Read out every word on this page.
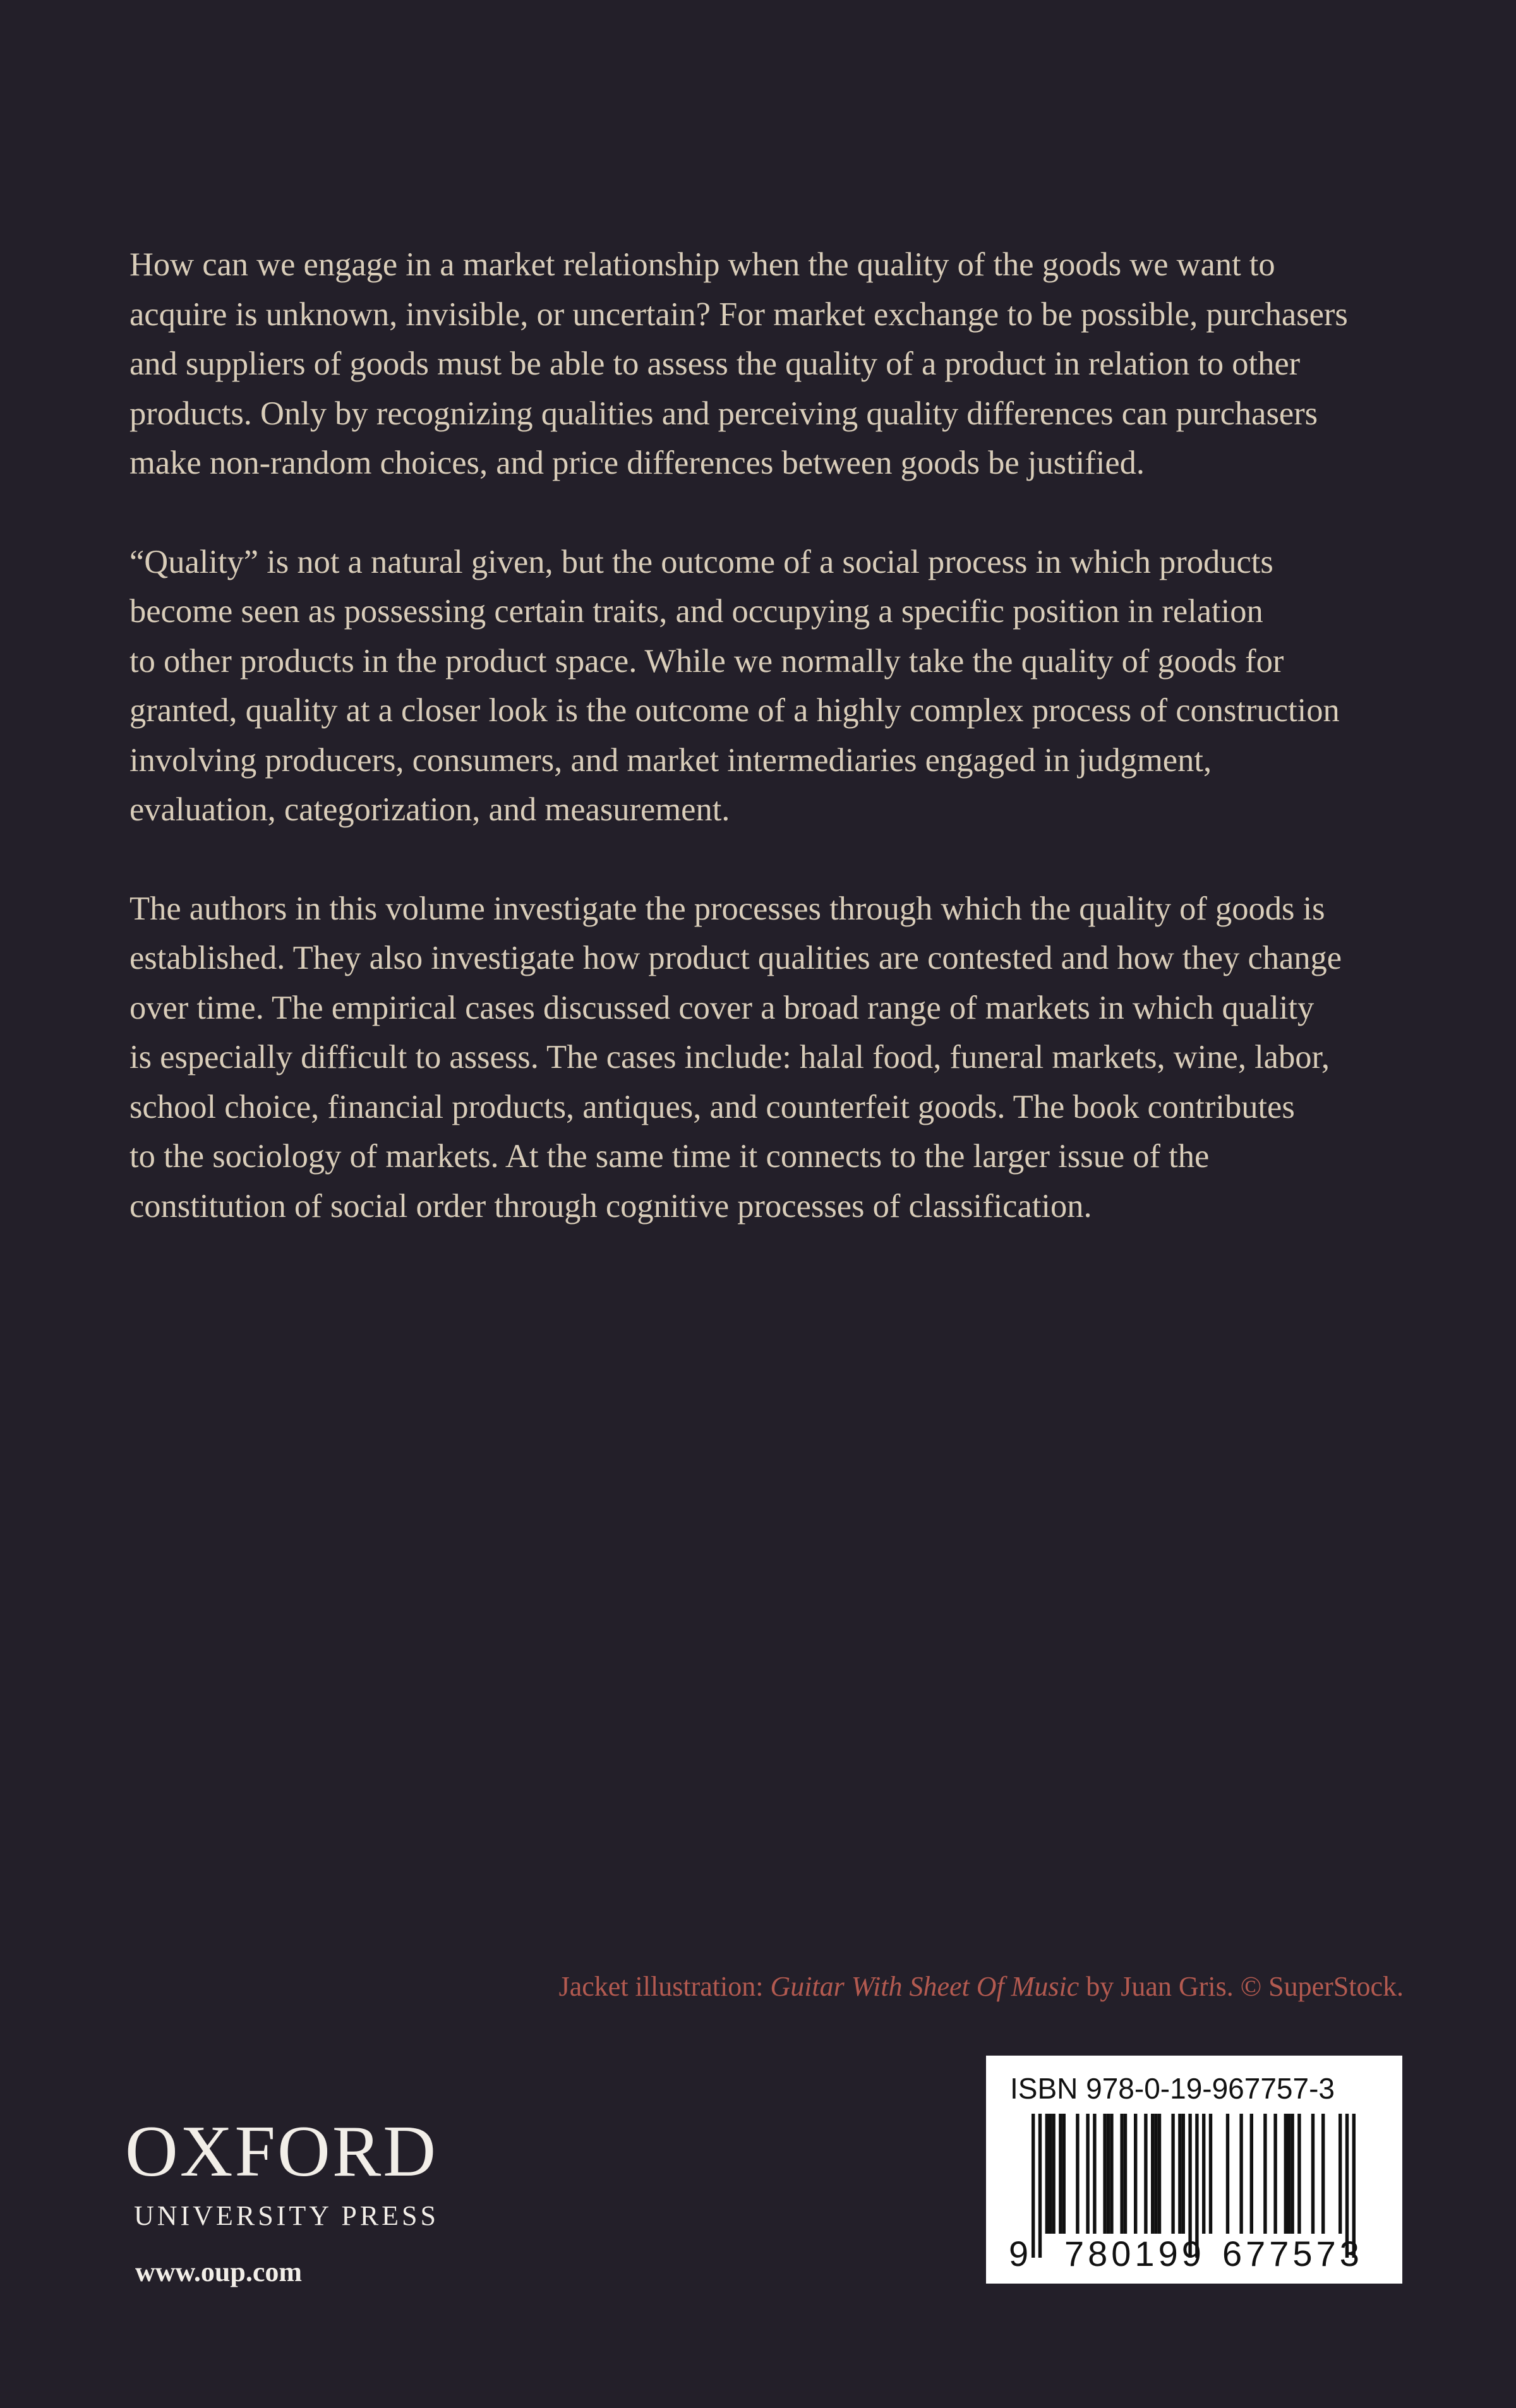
How can we engage in a market relationship when the quality of the goods we want to
acquire is unknown, invisible, or uncertain? For market exchange to be possible, purchasers
and suppliers of goods must be able to assess the quality of a product in relation to other
products. Only by recognizing qualities and perceiving quality differences can purchasers
make non-random choices, and price differences between goods be justified.

“Quality” is not a natural given, but the outcome of a social process in which products
become seen as possessing certain traits, and occupying a specific position in relation
to other products in the product space. While we normally take the quality of goods for
granted, quality at a closer look is the outcome of a highly complex process of construction
involving producers, consumers, and market intermediaries engaged in judgment,
evaluation, categorization, and measurement.

The authors in this volume investigate the processes through which the quality of goods is
established. They also investigate how product qualities are contested and how they change
over time. The empirical cases discussed cover a broad range of markets in which quality
is especially difficult to assess. The cases include: halal food, funeral markets, wine, labor,
school choice, financial products, antiques, and counterfeit goods. The book contributes
to the sociology of markets. At the same time it connects to the larger issue of the
constitution of social order through cognitive processes of classification.

Jacket illustration: Guitar With Sheet Of Music by Juan Gris. © SuperStock.
OXFORD
UNIVERSITY PRESS
www.oup.com
ISBN 978-0-19-967757-3
9 780199 677573
